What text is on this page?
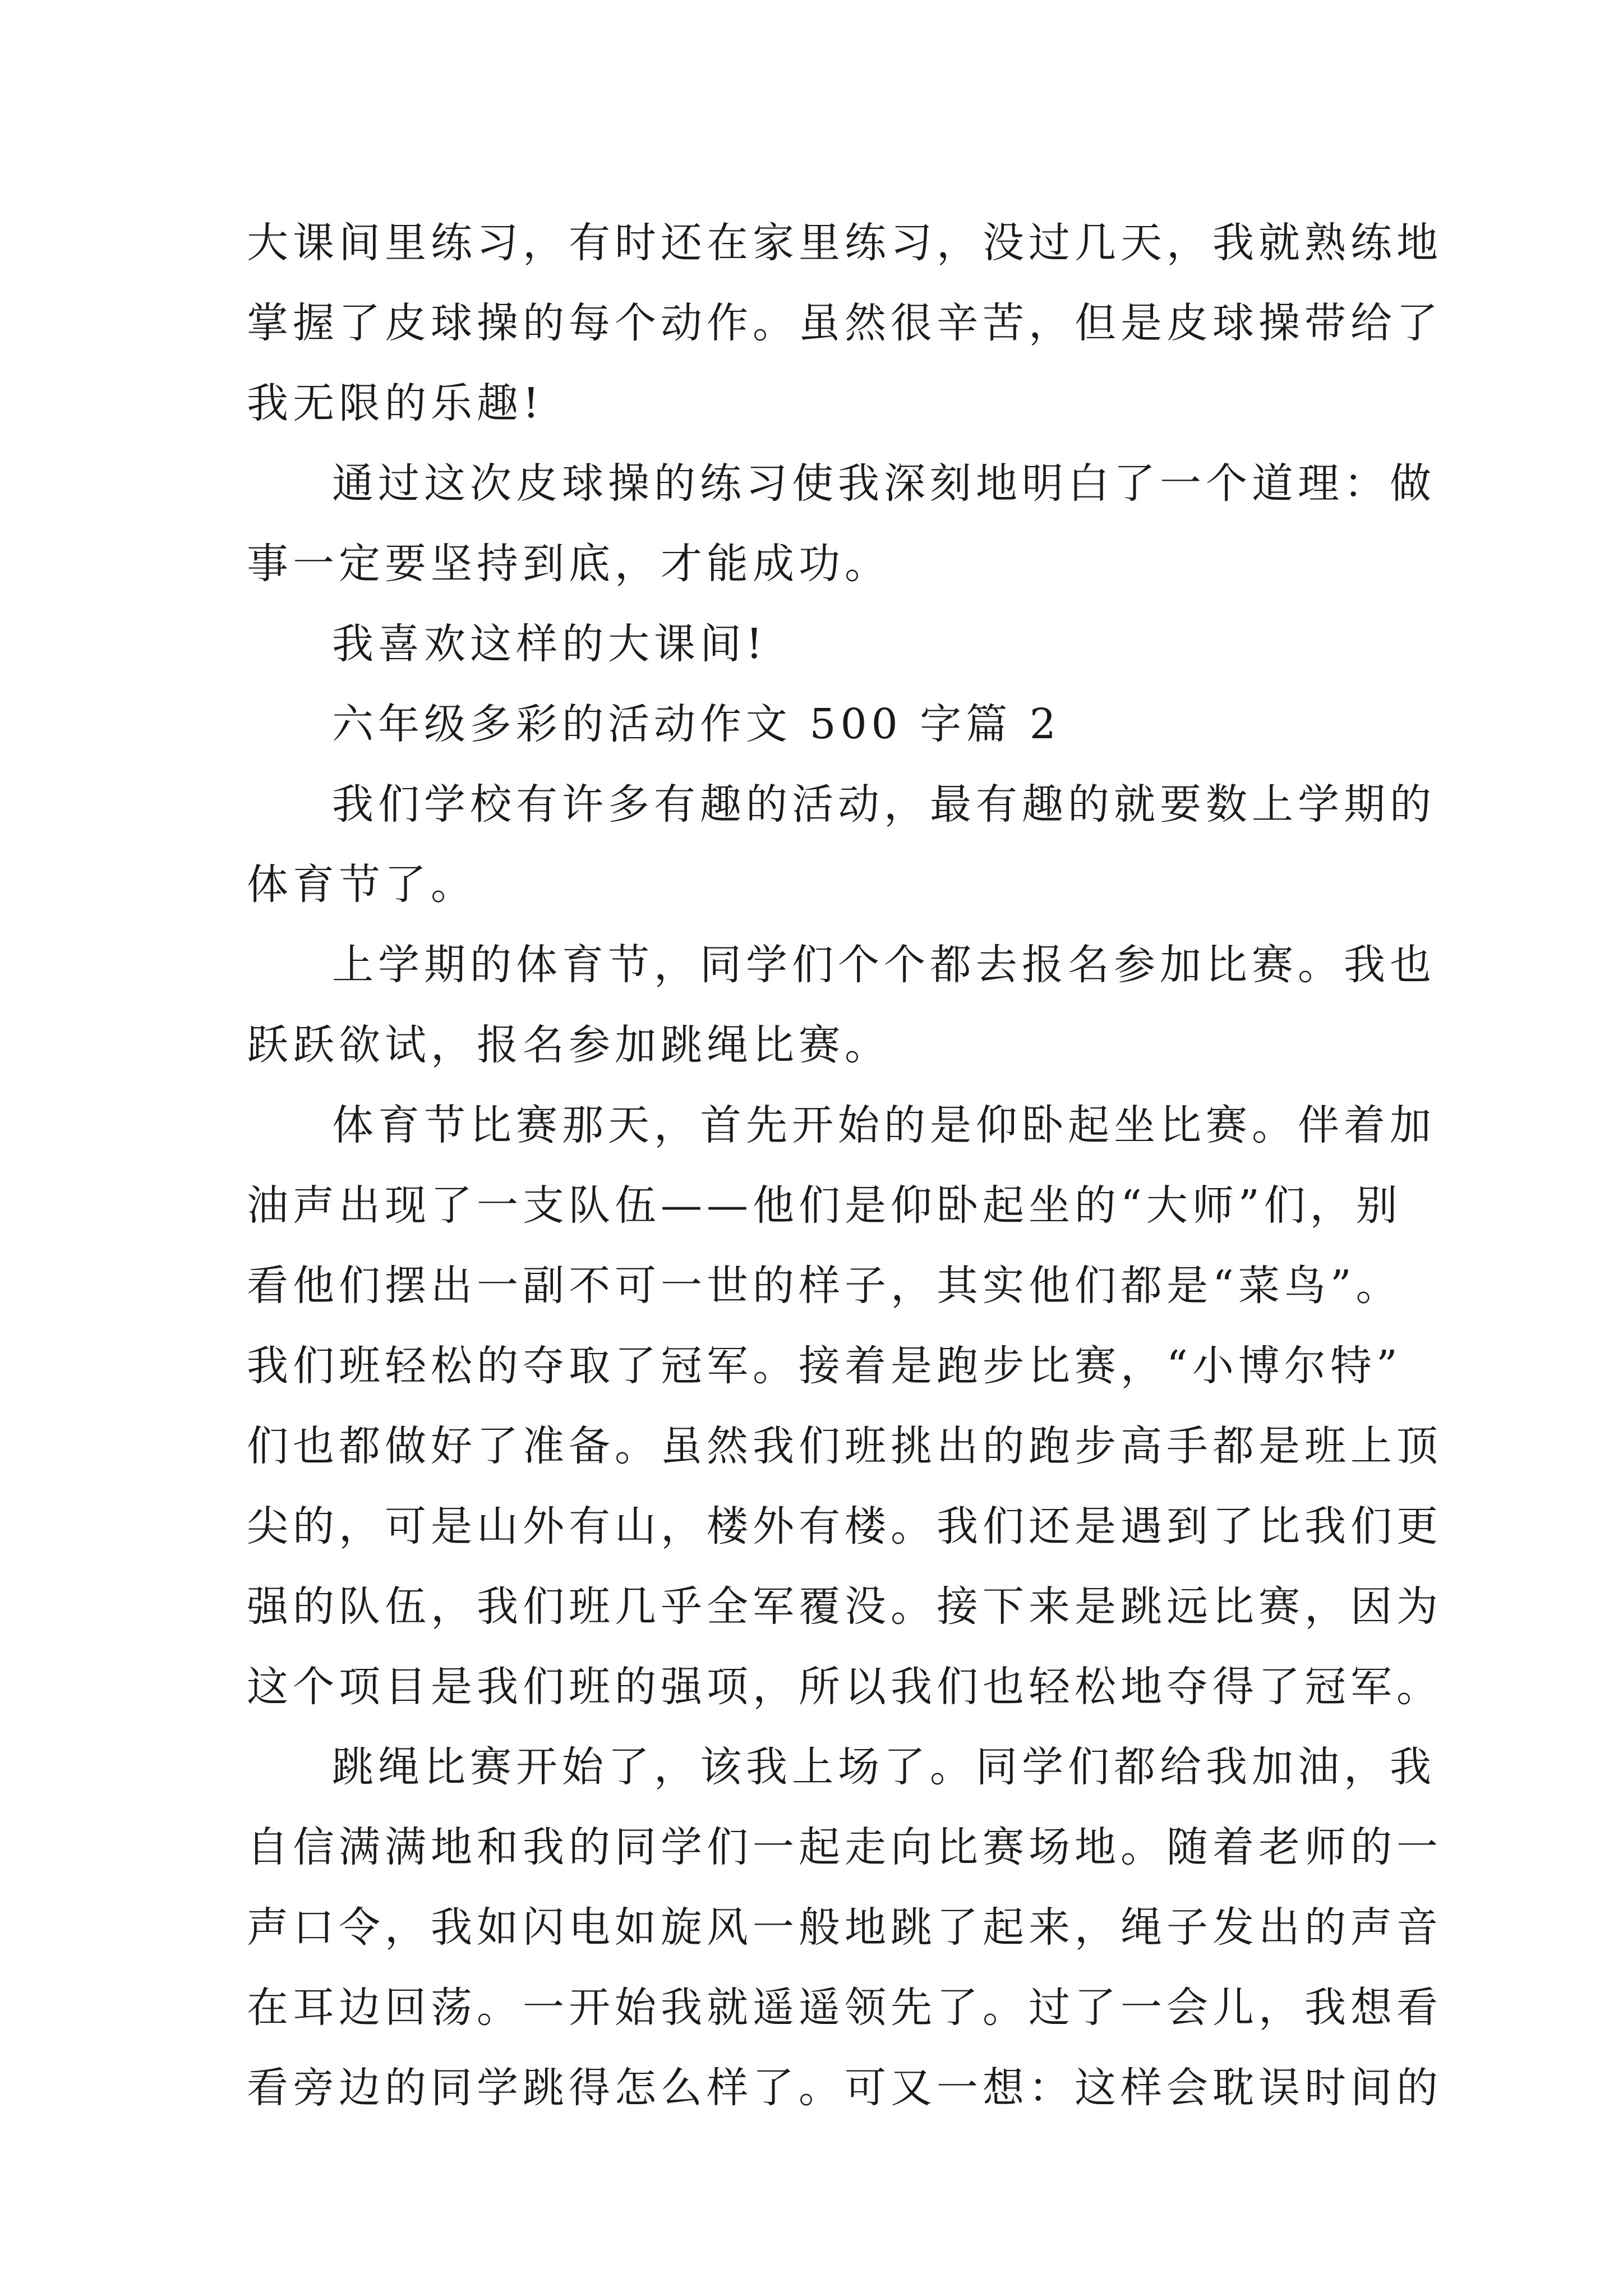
大课间里练习，有时还在家里练习，没过几天，我就熟练地
掌握了皮球操的每个动作。虽然很辛苦，但是皮球操带给了
我无限的乐趣!
通过这次皮球操的练习使我深刻地明白了一个道理：做
事一定要坚持到底，才能成功。
我喜欢这样的大课间!
六年级多彩的活动作文 500 字篇 2
我们学校有许多有趣的活动，最有趣的就要数上学期的
体育节了。
上学期的体育节，同学们个个都去报名参加比赛。我也
跃跃欲试，报名参加跳绳比赛。
体育节比赛那天，首先开始的是仰卧起坐比赛。伴着加
油声出现了一支队伍——他们是仰卧起坐的“大师”们，别
看他们摆出一副不可一世的样子，其实他们都是“菜鸟”。
我们班轻松的夺取了冠军。接着是跑步比赛，“小博尔特”
们也都做好了准备。虽然我们班挑出的跑步高手都是班上顶
尖的，可是山外有山，楼外有楼。我们还是遇到了比我们更
强的队伍，我们班几乎全军覆没。接下来是跳远比赛，因为
这个项目是我们班的强项，所以我们也轻松地夺得了冠军。
跳绳比赛开始了，该我上场了。同学们都给我加油，我
自信满满地和我的同学们一起走向比赛场地。随着老师的一
声口令，我如闪电如旋风一般地跳了起来，绳子发出的声音
在耳边回荡。一开始我就遥遥领先了。过了一会儿，我想看
看旁边的同学跳得怎么样了。可又一想：这样会耽误时间的
